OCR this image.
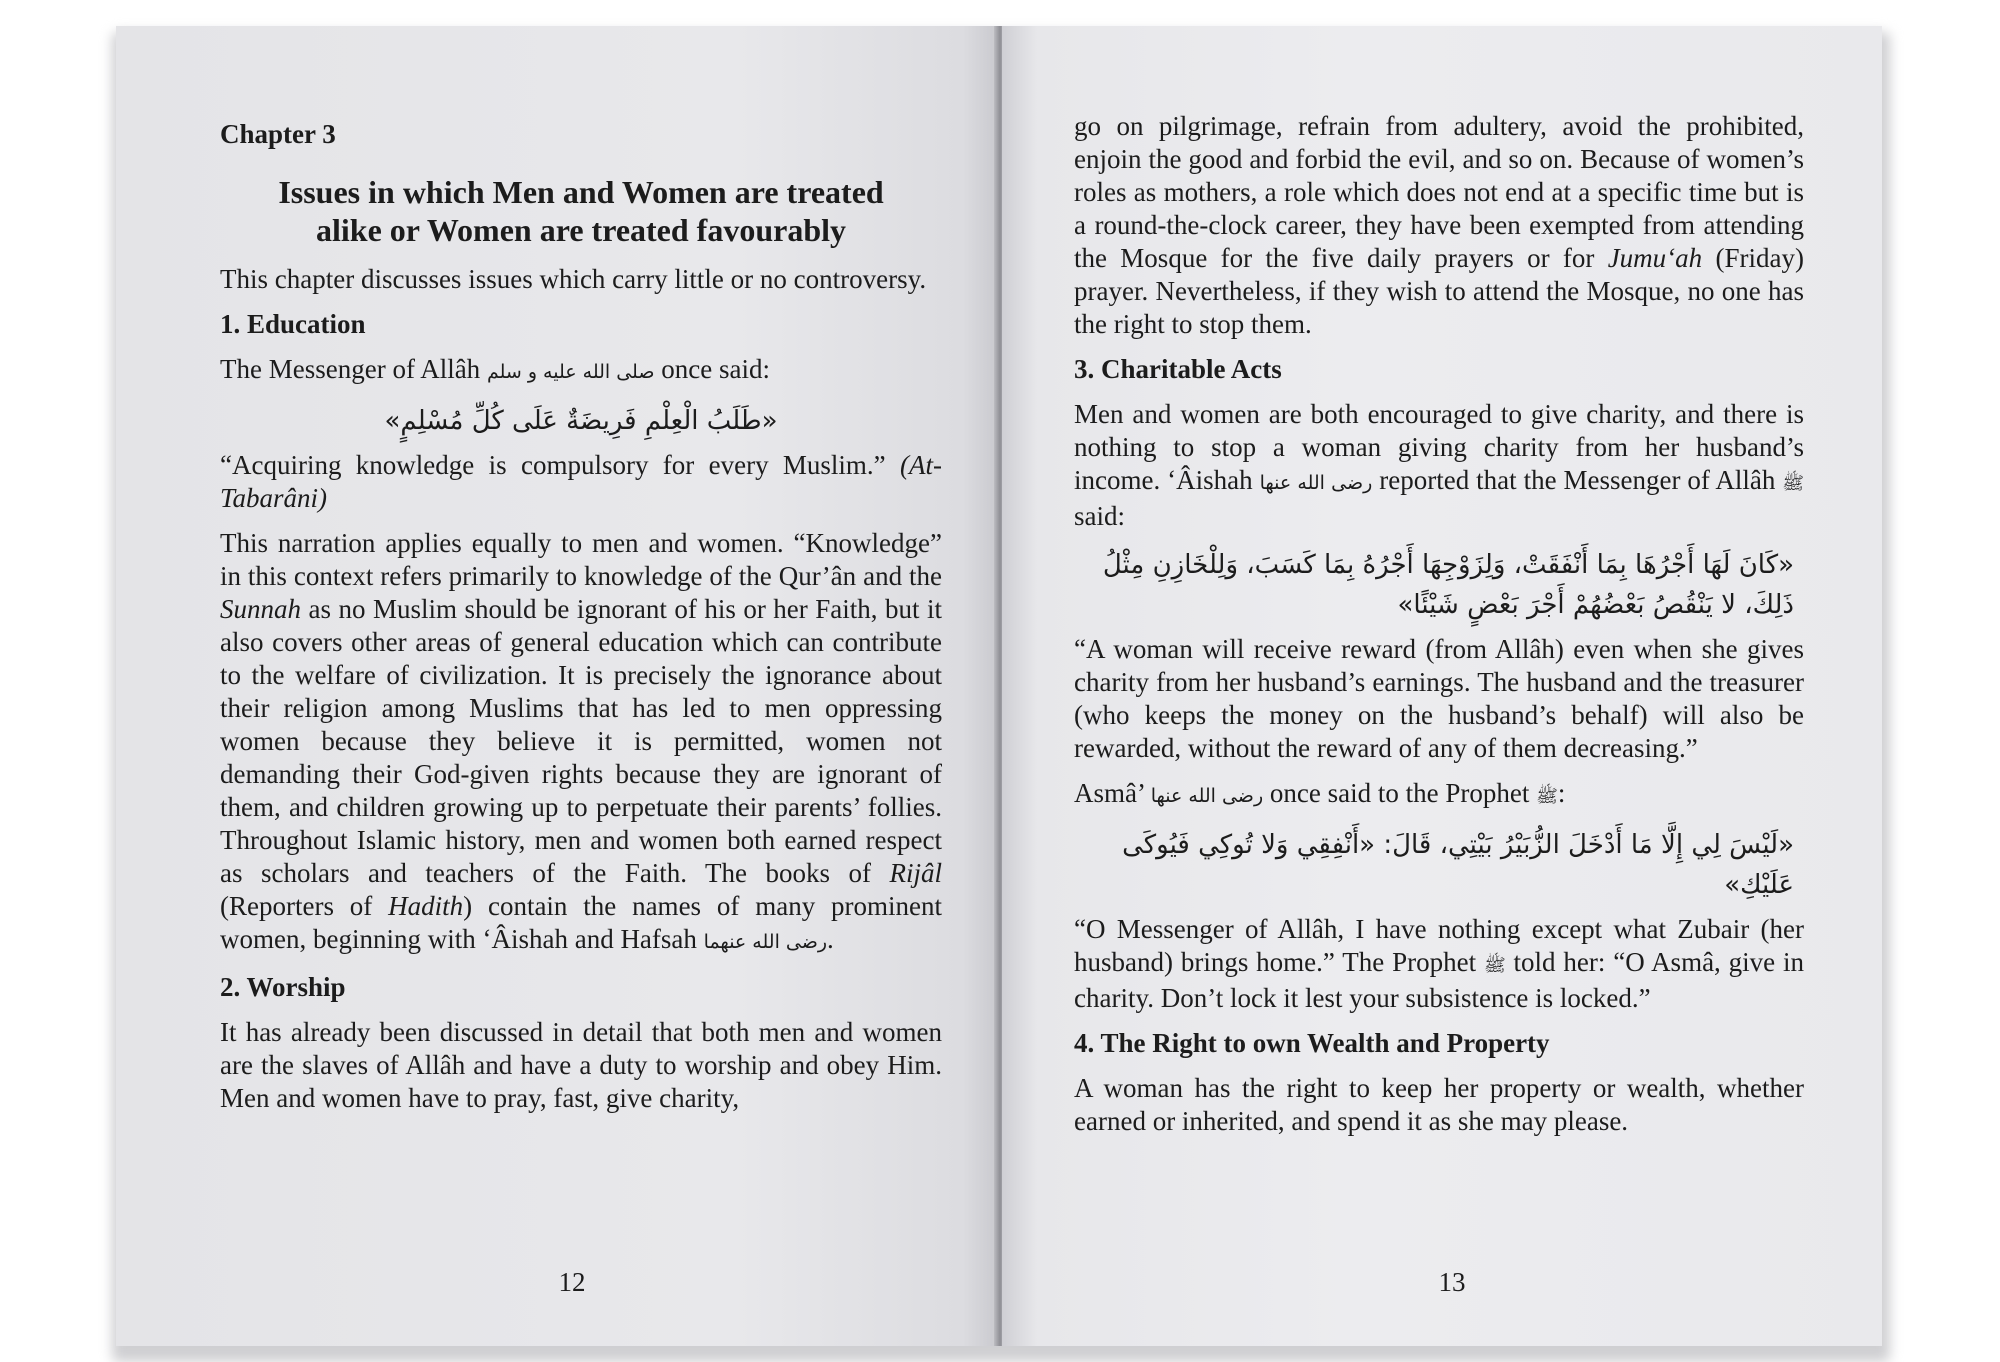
Chapter 3
Issues in which Men and Women are treated
alike or Women are treated favourably

This chapter discusses issues which carry little or no controversy.

1. Education

The Messenger of Allâh صلى الله عليه و سلم once said:

«طَلَبُ الْعِلْمِ فَرِيضَةٌ عَلَى كُلِّ مُسْلِمٍ»

“Acquiring knowledge is compulsory for every Muslim.” (At-Tabarâni)

This narration applies equally to men and women. “Knowledge” in this context refers primarily to knowledge of the Qur’ân and the Sunnah as no Muslim should be ignorant of his or her Faith, but it also covers other areas of general education which can contribute to the welfare of civilization. It is precisely the ignorance about their religion among Muslims that has led to men oppressing women because they believe it is permitted, women not demanding their God-given rights because they are ignorant of them, and children growing up to perpetuate their parents’ follies. Throughout Islamic history, men and women both earned respect as scholars and teachers of the Faith. The books of Rijâl (Reporters of Hadith) contain the names of many prominent women, beginning with ‘Âishah and Hafsah رضى الله عنهما.

2. Worship

It has already been discussed in detail that both men and women are the slaves of Allâh and have a duty to worship and obey Him. Men and women have to pray, fast, give charity,

12

go on pilgrimage, refrain from adultery, avoid the prohibited, enjoin the good and forbid the evil, and so on. Because of women’s roles as mothers, a role which does not end at a specific time but is a round-the-clock career, they have been exempted from attending the Mosque for the five daily prayers or for Jumu‘ah (Friday) prayer. Nevertheless, if they wish to attend the Mosque, no one has the right to stop them.

3. Charitable Acts

Men and women are both encouraged to give charity, and there is nothing to stop a woman giving charity from her husband’s income. ‘Âishah رضى الله عنها reported that the Messenger of Allâh ﷺ said:

«كَانَ لَهَا أَجْرُهَا بِمَا أَنْفَقَتْ، وَلِزَوْجِهَا أَجْرُهُ بِمَا كَسَبَ، وَلِلْخَازِنِ مِثْلُ
ذَلِكَ، لا يَنْقُصُ بَعْضُهُمْ أَجْرَ بَعْضٍ شَيْئًا»

“A woman will receive reward (from Allâh) even when she gives charity from her husband’s earnings. The husband and the treasurer (who keeps the money on the husband’s behalf) will also be rewarded, without the reward of any of them decreasing.”

Asmâ’ رضى الله عنها once said to the Prophet ﷺ:

«لَيْسَ لِي إِلَّا مَا أَدْخَلَ الزُّبَيْرُ بَيْتِي، قَالَ: «أَنْفِقِي وَلا تُوكِي فَيُوكَى
عَلَيْكِ»

“O Messenger of Allâh, I have nothing except what Zubair (her husband) brings home.” The Prophet ﷺ told her: “O Asmâ, give in charity. Don’t lock it lest your subsistence is locked.”

4. The Right to own Wealth and Property

A woman has the right to keep her property or wealth, whether earned or inherited, and spend it as she may please.

13
